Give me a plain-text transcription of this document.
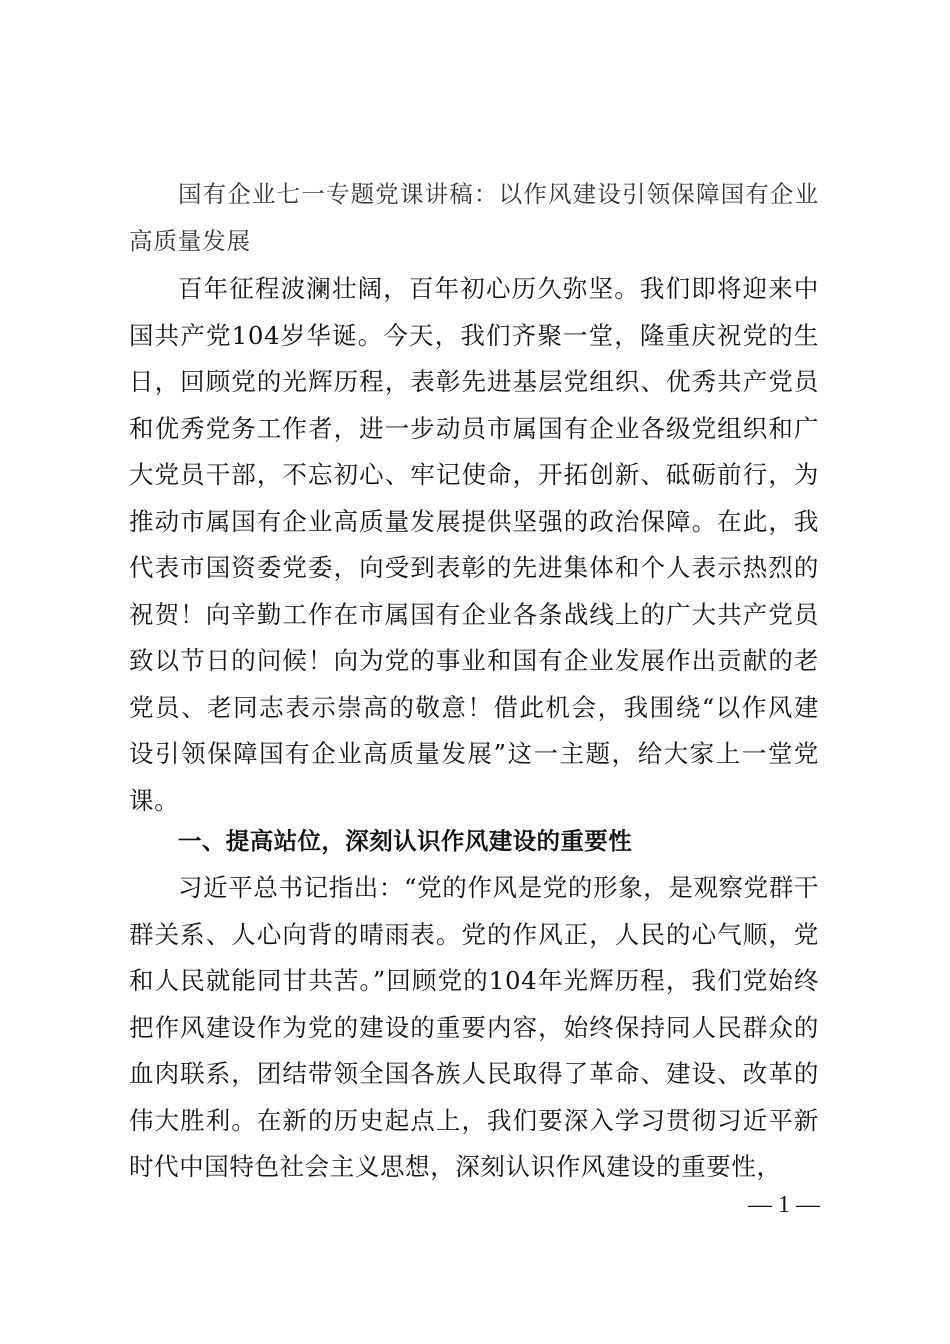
国有企业七一专题党课讲稿：以作风建设引领保障国有企业高质量发展

百年征程波澜壮阔，百年初心历久弥坚。我们即将迎来中国共产党104岁华诞。今天，我们齐聚一堂，隆重庆祝党的生日，回顾党的光辉历程，表彰先进基层党组织、优秀共产党员和优秀党务工作者，进一步动员市属国有企业各级党组织和广大党员干部，不忘初心、牢记使命，开拓创新、砥砺前行，为推动市属国有企业高质量发展提供坚强的政治保障。在此，我代表市国资委党委，向受到表彰的先进集体和个人表示热烈的祝贺！向辛勤工作在市属国有企业各条战线上的广大共产党员致以节日的问候！向为党的事业和国有企业发展作出贡献的老党员、老同志表示崇高的敬意！借此机会，我围绕“以作风建设引领保障国有企业高质量发展”这一主题，给大家上一堂党课。

一、提高站位，深刻认识作风建设的重要性

习近平总书记指出：“党的作风是党的形象，是观察党群干群关系、人心向背的晴雨表。党的作风正，人民的心气顺，党和人民就能同甘共苦。”回顾党的104年光辉历程，我们党始终把作风建设作为党的建设的重要内容，始终保持同人民群众的血肉联系，团结带领全国各族人民取得了革命、建设、改革的伟大胜利。在新的历史起点上，我们要深入学习贯彻习近平新时代中国特色社会主义思想，深刻认识作风建设的重要性，

— 1 —
